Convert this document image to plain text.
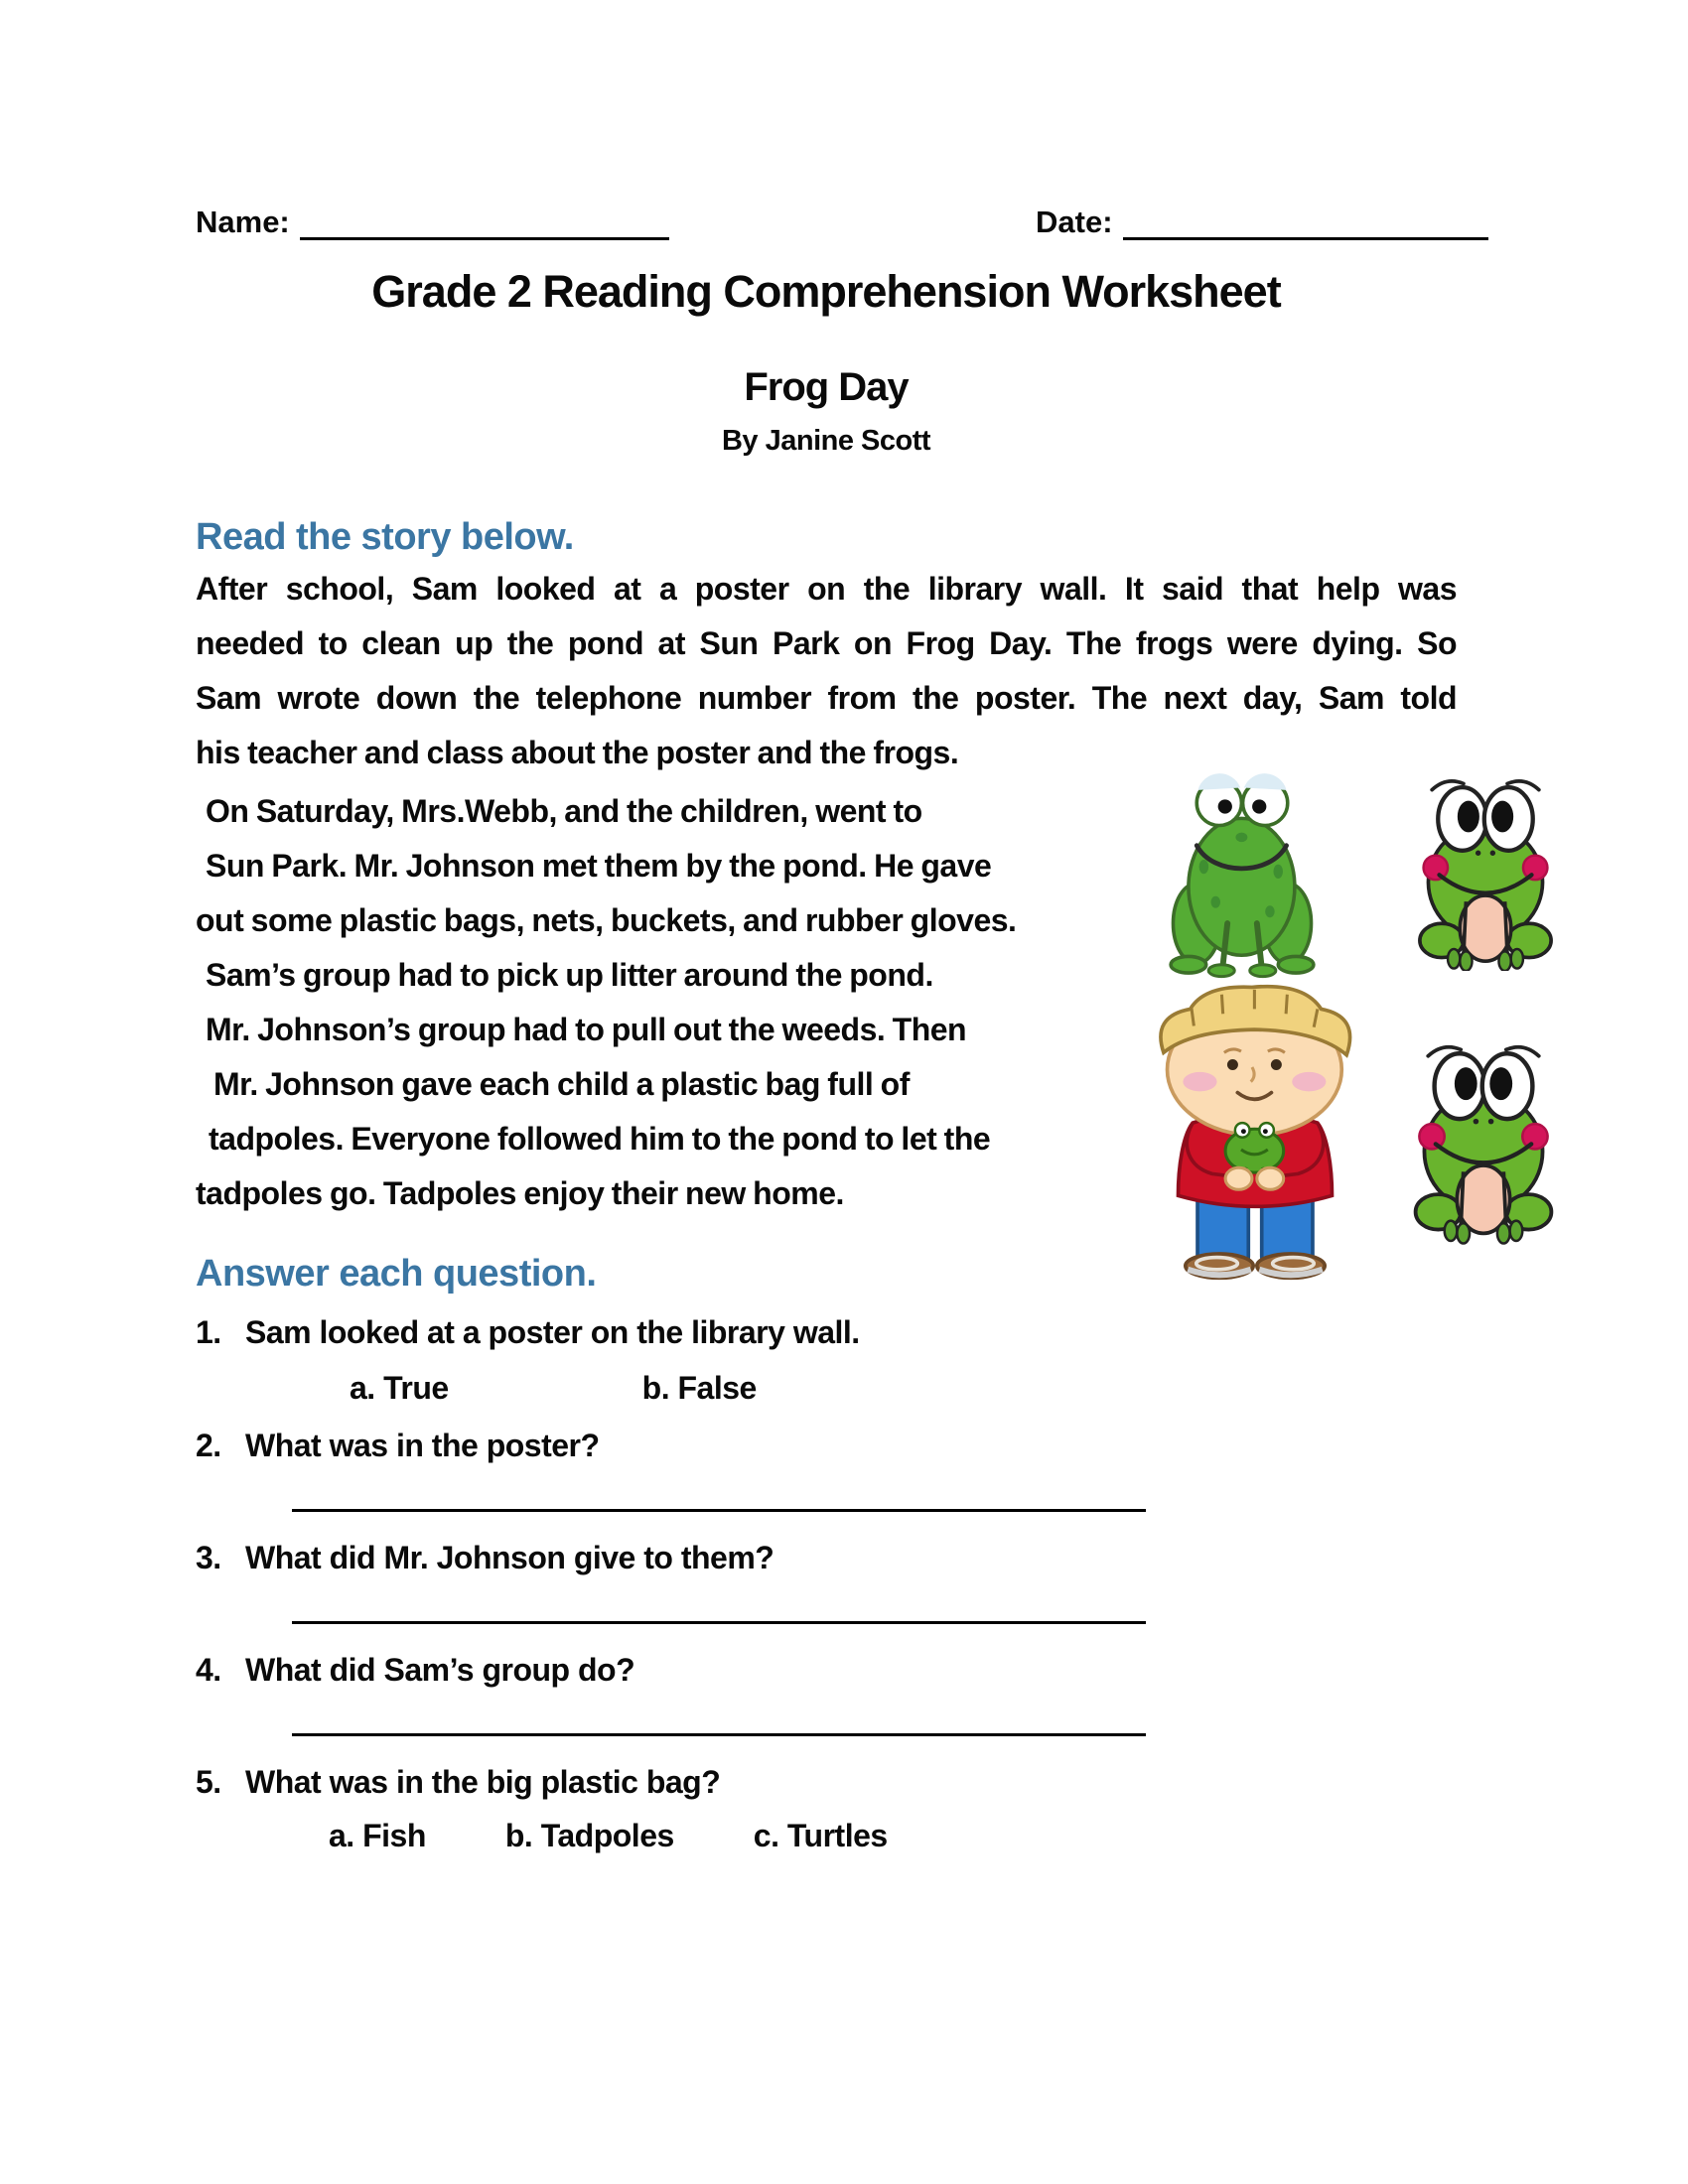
Name:	Date:
Grade 2 Reading Comprehension Worksheet
Frog Day
By Janine Scott
Read the story below.
After school, Sam looked at a poster on the library wall. It said that help was
needed to clean up the pond at Sun Park on Frog Day. The frogs were dying. So
Sam wrote down the telephone number from the poster. The next day, Sam told
his teacher and class about the poster and the frogs.
On Saturday, Mrs.Webb, and the children, went to
Sun Park. Mr. Johnson met them by the pond. He gave
out some plastic bags, nets, buckets, and rubber gloves.
Sam’s group had to pick up litter around the pond.
Mr. Johnson’s group had to pull out the weeds. Then
Mr. Johnson gave each child a plastic bag full of
tadpoles. Everyone followed him to the pond to let the
tadpoles go. Tadpoles enjoy their new home.
Answer each question.
1. Sam looked at a poster on the library wall.
a. True	b. False
2. What was in the poster?
3. What did Mr. Johnson give to them?
4. What did Sam’s group do?
5. What was in the big plastic bag?
a. Fish	b. Tadpoles	c. Turtles
